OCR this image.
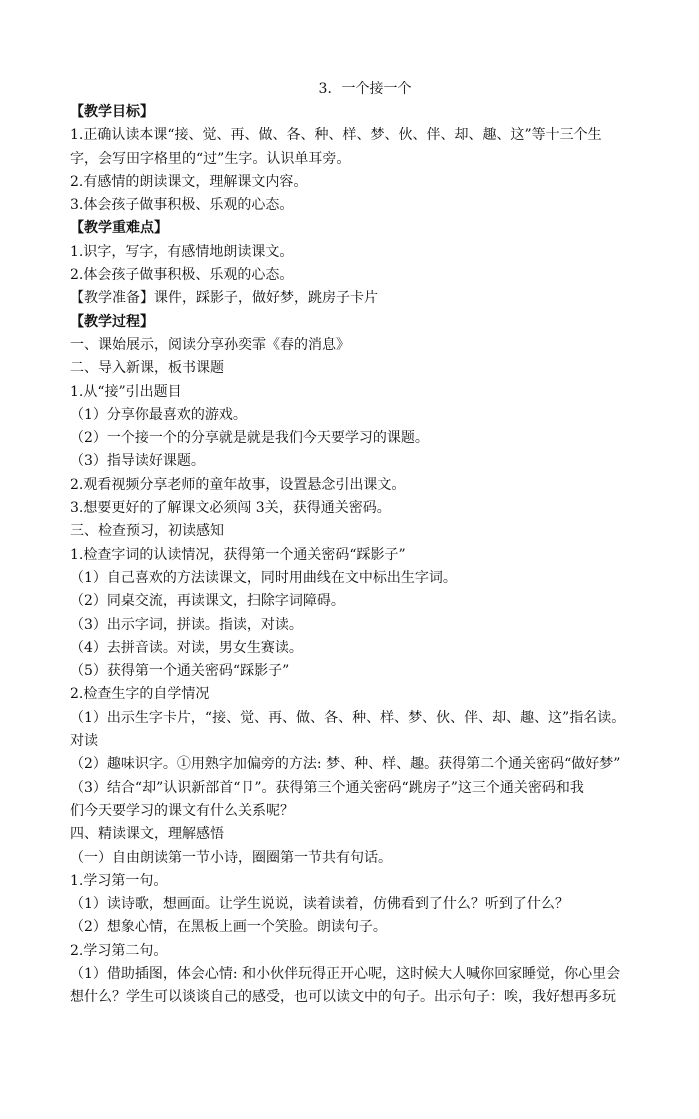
3．一个接一个
【教学目标】
1.正确认读本课“接、觉、再、做、各、种、样、梦、伙、伴、却、趣、这”等十三个生
字，会写田字格里的“过”生字。认识单耳旁。
2.有感情的朗读课文，理解课文内容。
3.体会孩子做事积极、乐观的心态。
【教学重难点】
1.识字，写字，有感情地朗读课文。
2.体会孩子做事积极、乐观的心态。
【教学准备】课件，踩影子，做好梦，跳房子卡片
【教学过程】
一、课始展示，阅读分享孙奕霏《春的消息》
二、导入新课，板书课题
1.从“接”引出题目
（1）分享你最喜欢的游戏。
（2）一个接一个的分享就是就是我们今天要学习的课题。
（3）指导读好课题。
2.观看视频分享老师的童年故事，设置悬念引出课文。
3.想要更好的了解课文必须闯 3关，获得通关密码。
三、检查预习，初读感知
1.检查字词的认读情况，获得第一个通关密码“踩影子”
（1）自己喜欢的方法读课文，同时用曲线在文中标出生字词。
（2）同桌交流，再读课文，扫除字词障碍。
（3）出示字词，拼读。指读，对读。
（4）去拼音读。对读，男女生赛读。
（5）获得第一个通关密码“踩影子”
2.检查生字的自学情况
（1）出示生字卡片，“接、觉、再、做、各、种、样、梦、伙、伴、却、趣、这”指名读。
对读
（2）趣味识字。①用熟字加偏旁的方法: 梦、种、样、趣。获得第二个通关密码“做好梦”
（3）结合“却”认识新部首“卩”。获得第三个通关密码“跳房子”这三个通关密码和我
们今天要学习的课文有什么关系呢？
四、精读课文，理解感悟
（一）自由朗读第一节小诗，圈圈第一节共有句话。
1.学习第一句。
（1）读诗歌，想画面。让学生说说，读着读着，仿佛看到了什么？听到了什么？
（2）想象心情，在黑板上画一个笑脸。朗读句子。
2.学习第二句。
（1）借助插图，体会心情: 和小伙伴玩得正开心呢，这时候大人喊你回家睡觉，你心里会
想什么？学生可以谈谈自己的感受，也可以读文中的句子。出示句子：唉，我好想再多玩
